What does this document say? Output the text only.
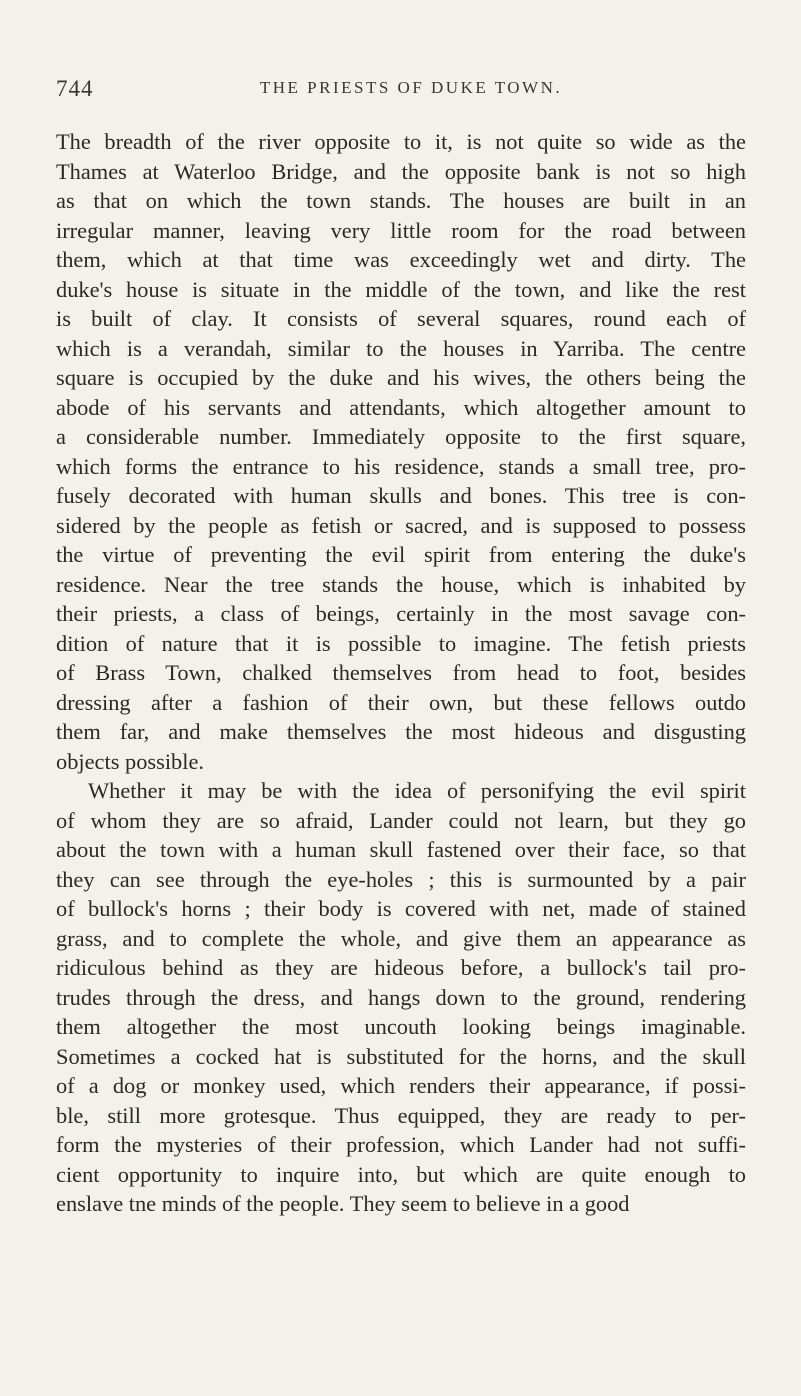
744	THE PRIESTS OF DUKE TOWN.

The breadth of the river opposite to it, is not quite so wide as the
Thames at Waterloo Bridge, and the opposite bank is not so high
as that on which the town stands. The houses are built in an
irregular manner, leaving very little room for the road between
them, which at that time was exceedingly wet and dirty. The
duke's house is situate in the middle of the town, and like the rest
is built of clay. It consists of several squares, round each of
which is a verandah, similar to the houses in Yarriba. The centre
square is occupied by the duke and his wives, the others being the
abode of his servants and attendants, which altogether amount to
a considerable number. Immediately opposite to the first square,
which forms the entrance to his residence, stands a small tree, pro-
fusely decorated with human skulls and bones. This tree is con-
sidered by the people as fetish or sacred, and is supposed to possess
the virtue of preventing the evil spirit from entering the duke's
residence. Near the tree stands the house, which is inhabited by
their priests, a class of beings, certainly in the most savage con-
dition of nature that it is possible to imagine. The fetish priests
of Brass Town, chalked themselves from head to foot, besides
dressing after a fashion of their own, but these fellows outdo
them far, and make themselves the most hideous and disgusting
objects possible.

Whether it may be with the idea of personifying the evil spirit
of whom they are so afraid, Lander could not learn, but they go
about the town with a human skull fastened over their face, so that
they can see through the eye-holes ; this is surmounted by a pair
of bullock's horns ; their body is covered with net, made of stained
grass, and to complete the whole, and give them an appearance as
ridiculous behind as they are hideous before, a bullock's tail pro-
trudes through the dress, and hangs down to the ground, rendering
them altogether the most uncouth looking beings imaginable.
Sometimes a cocked hat is substituted for the horns, and the skull
of a dog or monkey used, which renders their appearance, if possi-
ble, still more grotesque. Thus equipped, they are ready to per-
form the mysteries of their profession, which Lander had not suffi-
cient opportunity to inquire into, but which are quite enough to
enslave tne minds of the people. They seem to believe in a good
